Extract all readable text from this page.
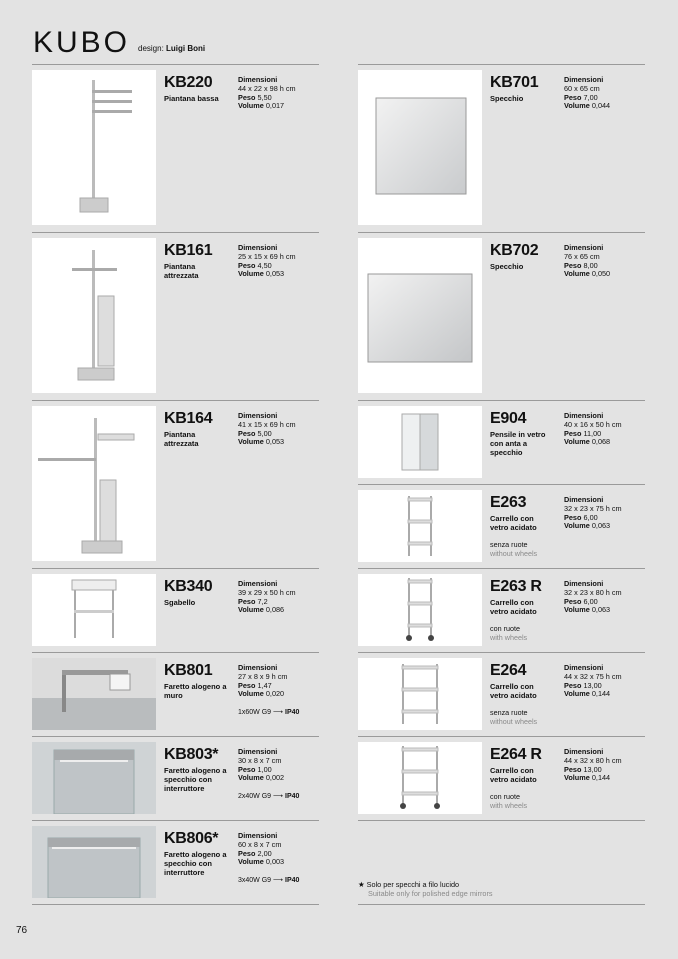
KUBO design: Luigi Boni
KB220
Piantana bassa
Dimensioni
44 x 22 x 98 h cm
Peso 5,50
Volume 0,017
KB161
Piantana attrezzata
Dimensioni
25 x 15 x 69 h cm
Peso 4,50
Volume 0,053
KB164
Piantana attrezzata
Dimensioni
41 x 15 x 69 h cm
Peso 5,00
Volume 0,053
KB340
Sgabello
Dimensioni
39 x 29 x 50 h cm
Peso 7,2
Volume 0,086
KB801
Faretto alogeno a muro
Dimensioni
27 x 8 x 9 h cm
Peso 1,47
Volume 0,020
1x60W G9 ⟶ IP40
KB803*
Faretto alogeno a specchio con interruttore
Dimensioni
30 x 8 x 7 cm
Peso 1,00
Volume 0,002
2x40W G9 ⟶ IP40
KB806*
Faretto alogeno a specchio con interruttore
Dimensioni
60 x 8 x 7 cm
Peso 2,00
Volume 0,003
3x40W G9 ⟶ IP40
KB701
Specchio
Dimensioni
60 x 65 cm
Peso 7,00
Volume 0,044
KB702
Specchio
Dimensioni
76 x 65 cm
Peso 8,00
Volume 0,050
E904
Pensile in vetro con anta a specchio
Dimensioni
40 x 16 x 50 h cm
Peso 11,00
Volume 0,068
E263
Carrello con vetro acidato
senza ruote
without wheels
Dimensioni
32 x 23 x 75 h cm
Peso 6,00
Volume 0,063
E263 R
Carrello con vetro acidato
con ruote
with wheels
Dimensioni
32 x 23 x 80 h cm
Peso 6,00
Volume 0,063
E264
Carrello con vetro acidato
senza ruote
without wheels
Dimensioni
44 x 32 x 75 h cm
Peso 13,00
Volume 0,144
E264 R
Carrello con vetro acidato
con ruote
with wheels
Dimensioni
44 x 32 x 80 h cm
Peso 13,00
Volume 0,144
★ Solo per specchi a filo lucido
Suitable only for polished edge mirrors
76
